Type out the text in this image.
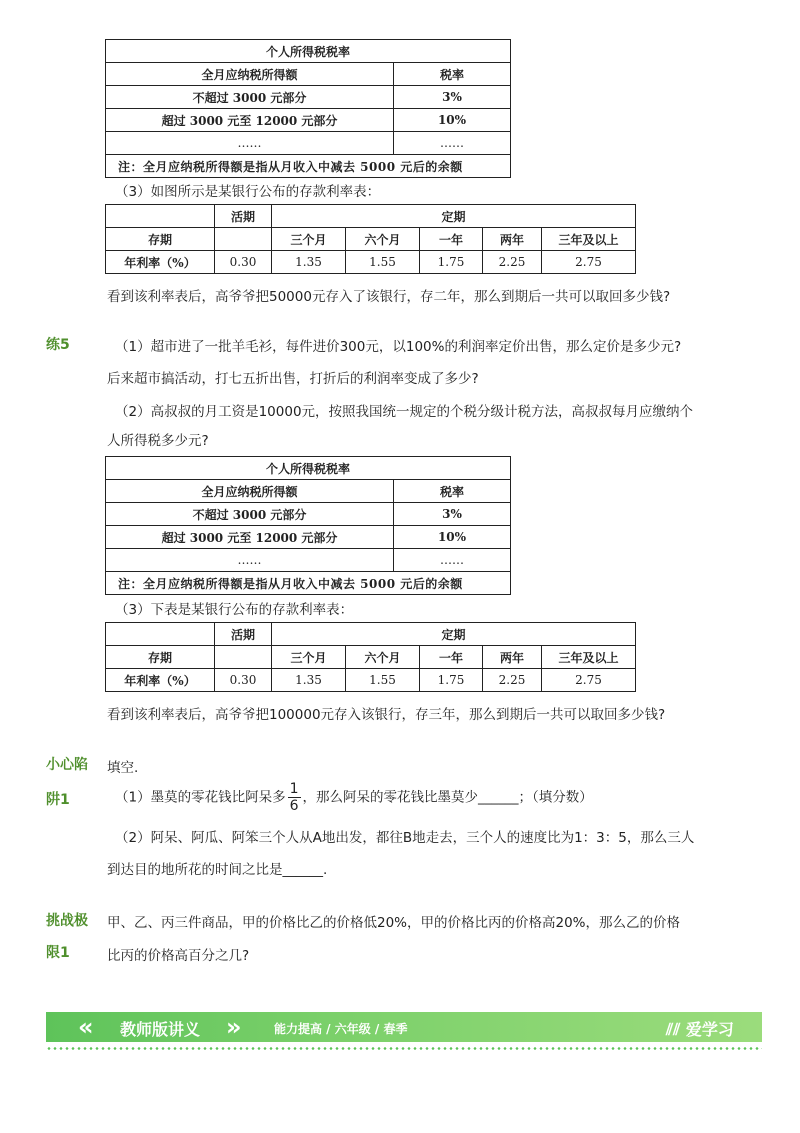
个人所得税税率	
全月应纳税所得额	税率
不超过 3000 元部分	3%
超过 3000 元至 12000 元部分	10%
……	……
注：全月应纳税所得额是指从月收入中减去 5000 元后的余额	
（3）如图所示是某银行公布的存款利率表：
	活期	定期				
存期		三个月	六个月	一年	两年	三年及以上
年利率（%）	0.30	1.35	1.55	1.75	2.25	2.75
看到该利率表后，高爷爷把50000元存入了该银行，存二年，那么到期后一共可以取回多少钱?
练5	（1）超市进了一批羊毛衫，每件进价300元，以100%的利润率定价出售，那么定价是多少元?
后来超市搞活动，打七五折出售，打折后的利润率变成了多少?
（2）高叔叔的月工资是10000元，按照我国统一规定的个税分级计税方法，高叔叔每月应缴纳个
人所得税多少元?
个人所得税税率	
全月应纳税所得额	税率
不超过 3000 元部分	3%
超过 3000 元至 12000 元部分	10%
……	……
注：全月应纳税所得额是指从月收入中减去 5000 元后的余额	
（3）下表是某银行公布的存款利率表：
	活期	定期				
存期		三个月	六个月	一年	两年	三年及以上
年利率（%）	0.30	1.35	1.55	1.75	2.25	2.75
看到该利率表后，高爷爷把100000元存入该银行，存三年，那么到期后一共可以取回多少钱?
小心陷
阱1
填空.
（1）墨莫的零花钱比阿呆多 $\frac{1}{6}$ ，那么阿呆的零花钱比墨莫少______；（填分数）
（2）阿呆、阿瓜、阿笨三个人从A地出发，都往B地走去，三个人的速度比为1：3：5，那么三人
到达目的地所花的时间之比是______.
挑战极
限1
甲、乙、丙三件商品，甲的价格比乙的价格低20%，甲的价格比丙的价格高20%，那么乙的价格
比丙的价格高百分之几?
« 教师版讲义 »	能力提高 / 六年级 / 春季	⫽⫽ 爱学习
